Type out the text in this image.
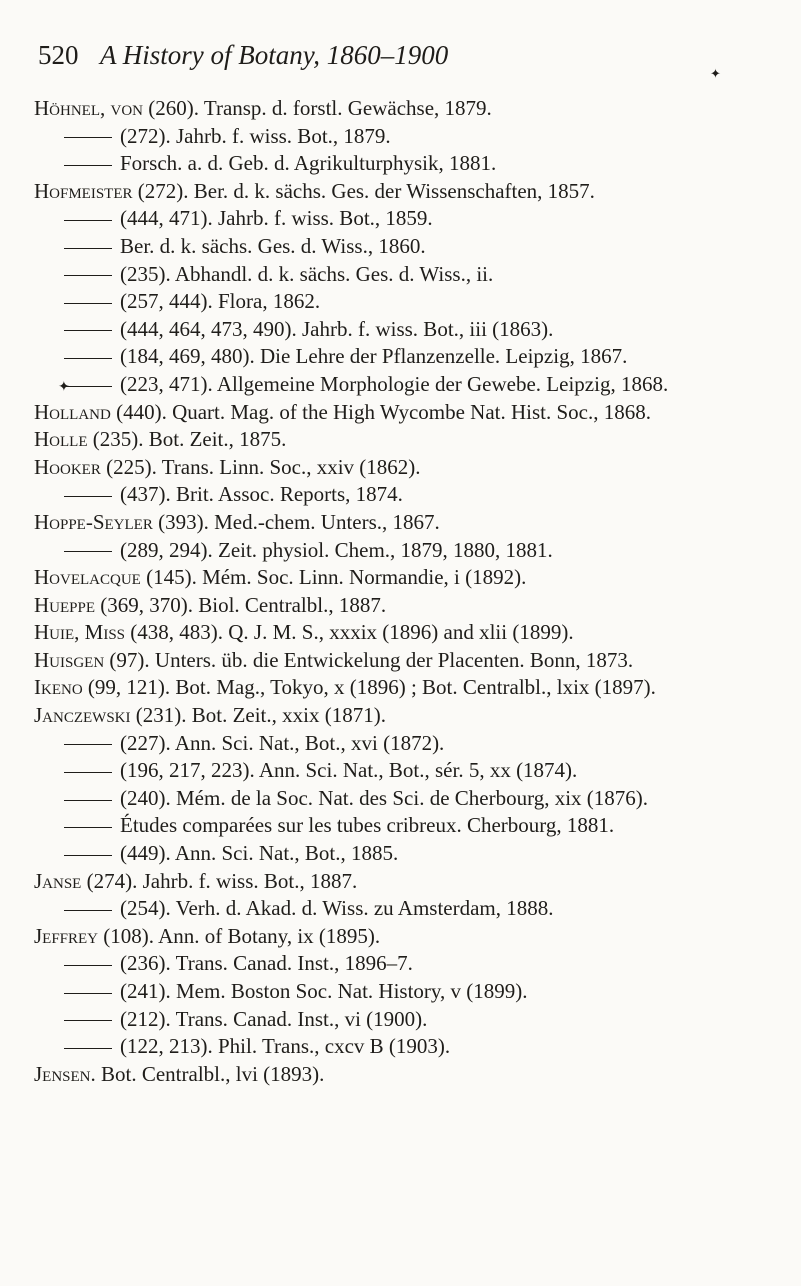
520 A History of Botany, 1860–1900
✦
✦
Höhnel, von (260). Transp. d. forstl. Gewächse, 1879.
(272). Jahrb. f. wiss. Bot., 1879.
Forsch. a. d. Geb. d. Agrikulturphysik, 1881.
Hofmeister (272). Ber. d. k. sächs. Ges. der Wissenschaften, 1857.
(444, 471). Jahrb. f. wiss. Bot., 1859.
Ber. d. k. sächs. Ges. d. Wiss., 1860.
(235). Abhandl. d. k. sächs. Ges. d. Wiss., ii.
(257, 444). Flora, 1862.
(444, 464, 473, 490). Jahrb. f. wiss. Bot., iii (1863).
(184, 469, 480). Die Lehre der Pflanzenzelle. Leipzig, 1867.
(223, 471). Allgemeine Morphologie der Gewebe. Leipzig, 1868.
Holland (440). Quart. Mag. of the High Wycombe Nat. Hist. Soc., 1868.
Holle (235). Bot. Zeit., 1875.
Hooker (225). Trans. Linn. Soc., xxiv (1862).
(437). Brit. Assoc. Reports, 1874.
Hoppe-Seyler (393). Med.-chem. Unters., 1867.
(289, 294). Zeit. physiol. Chem., 1879, 1880, 1881.
Hovelacque (145). Mém. Soc. Linn. Normandie, i (1892).
Hueppe (369, 370). Biol. Centralbl., 1887.
Huie, Miss (438, 483). Q. J. M. S., xxxix (1896) and xlii (1899).
Huisgen (97). Unters. üb. die Entwickelung der Placenten. Bonn, 1873.
Ikeno (99, 121). Bot. Mag., Tokyo, x (1896) ; Bot. Centralbl., lxix (1897).
Janczewski (231). Bot. Zeit., xxix (1871).
(227). Ann. Sci. Nat., Bot., xvi (1872).
(196, 217, 223). Ann. Sci. Nat., Bot., sér. 5, xx (1874).
(240). Mém. de la Soc. Nat. des Sci. de Cherbourg, xix (1876).
Études comparées sur les tubes cribreux. Cherbourg, 1881.
(449). Ann. Sci. Nat., Bot., 1885.
Janse (274). Jahrb. f. wiss. Bot., 1887.
(254). Verh. d. Akad. d. Wiss. zu Amsterdam, 1888.
Jeffrey (108). Ann. of Botany, ix (1895).
(236). Trans. Canad. Inst., 1896–7.
(241). Mem. Boston Soc. Nat. History, v (1899).
(212). Trans. Canad. Inst., vi (1900).
(122, 213). Phil. Trans., cxcv B (1903).
Jensen. Bot. Centralbl., lvi (1893).
